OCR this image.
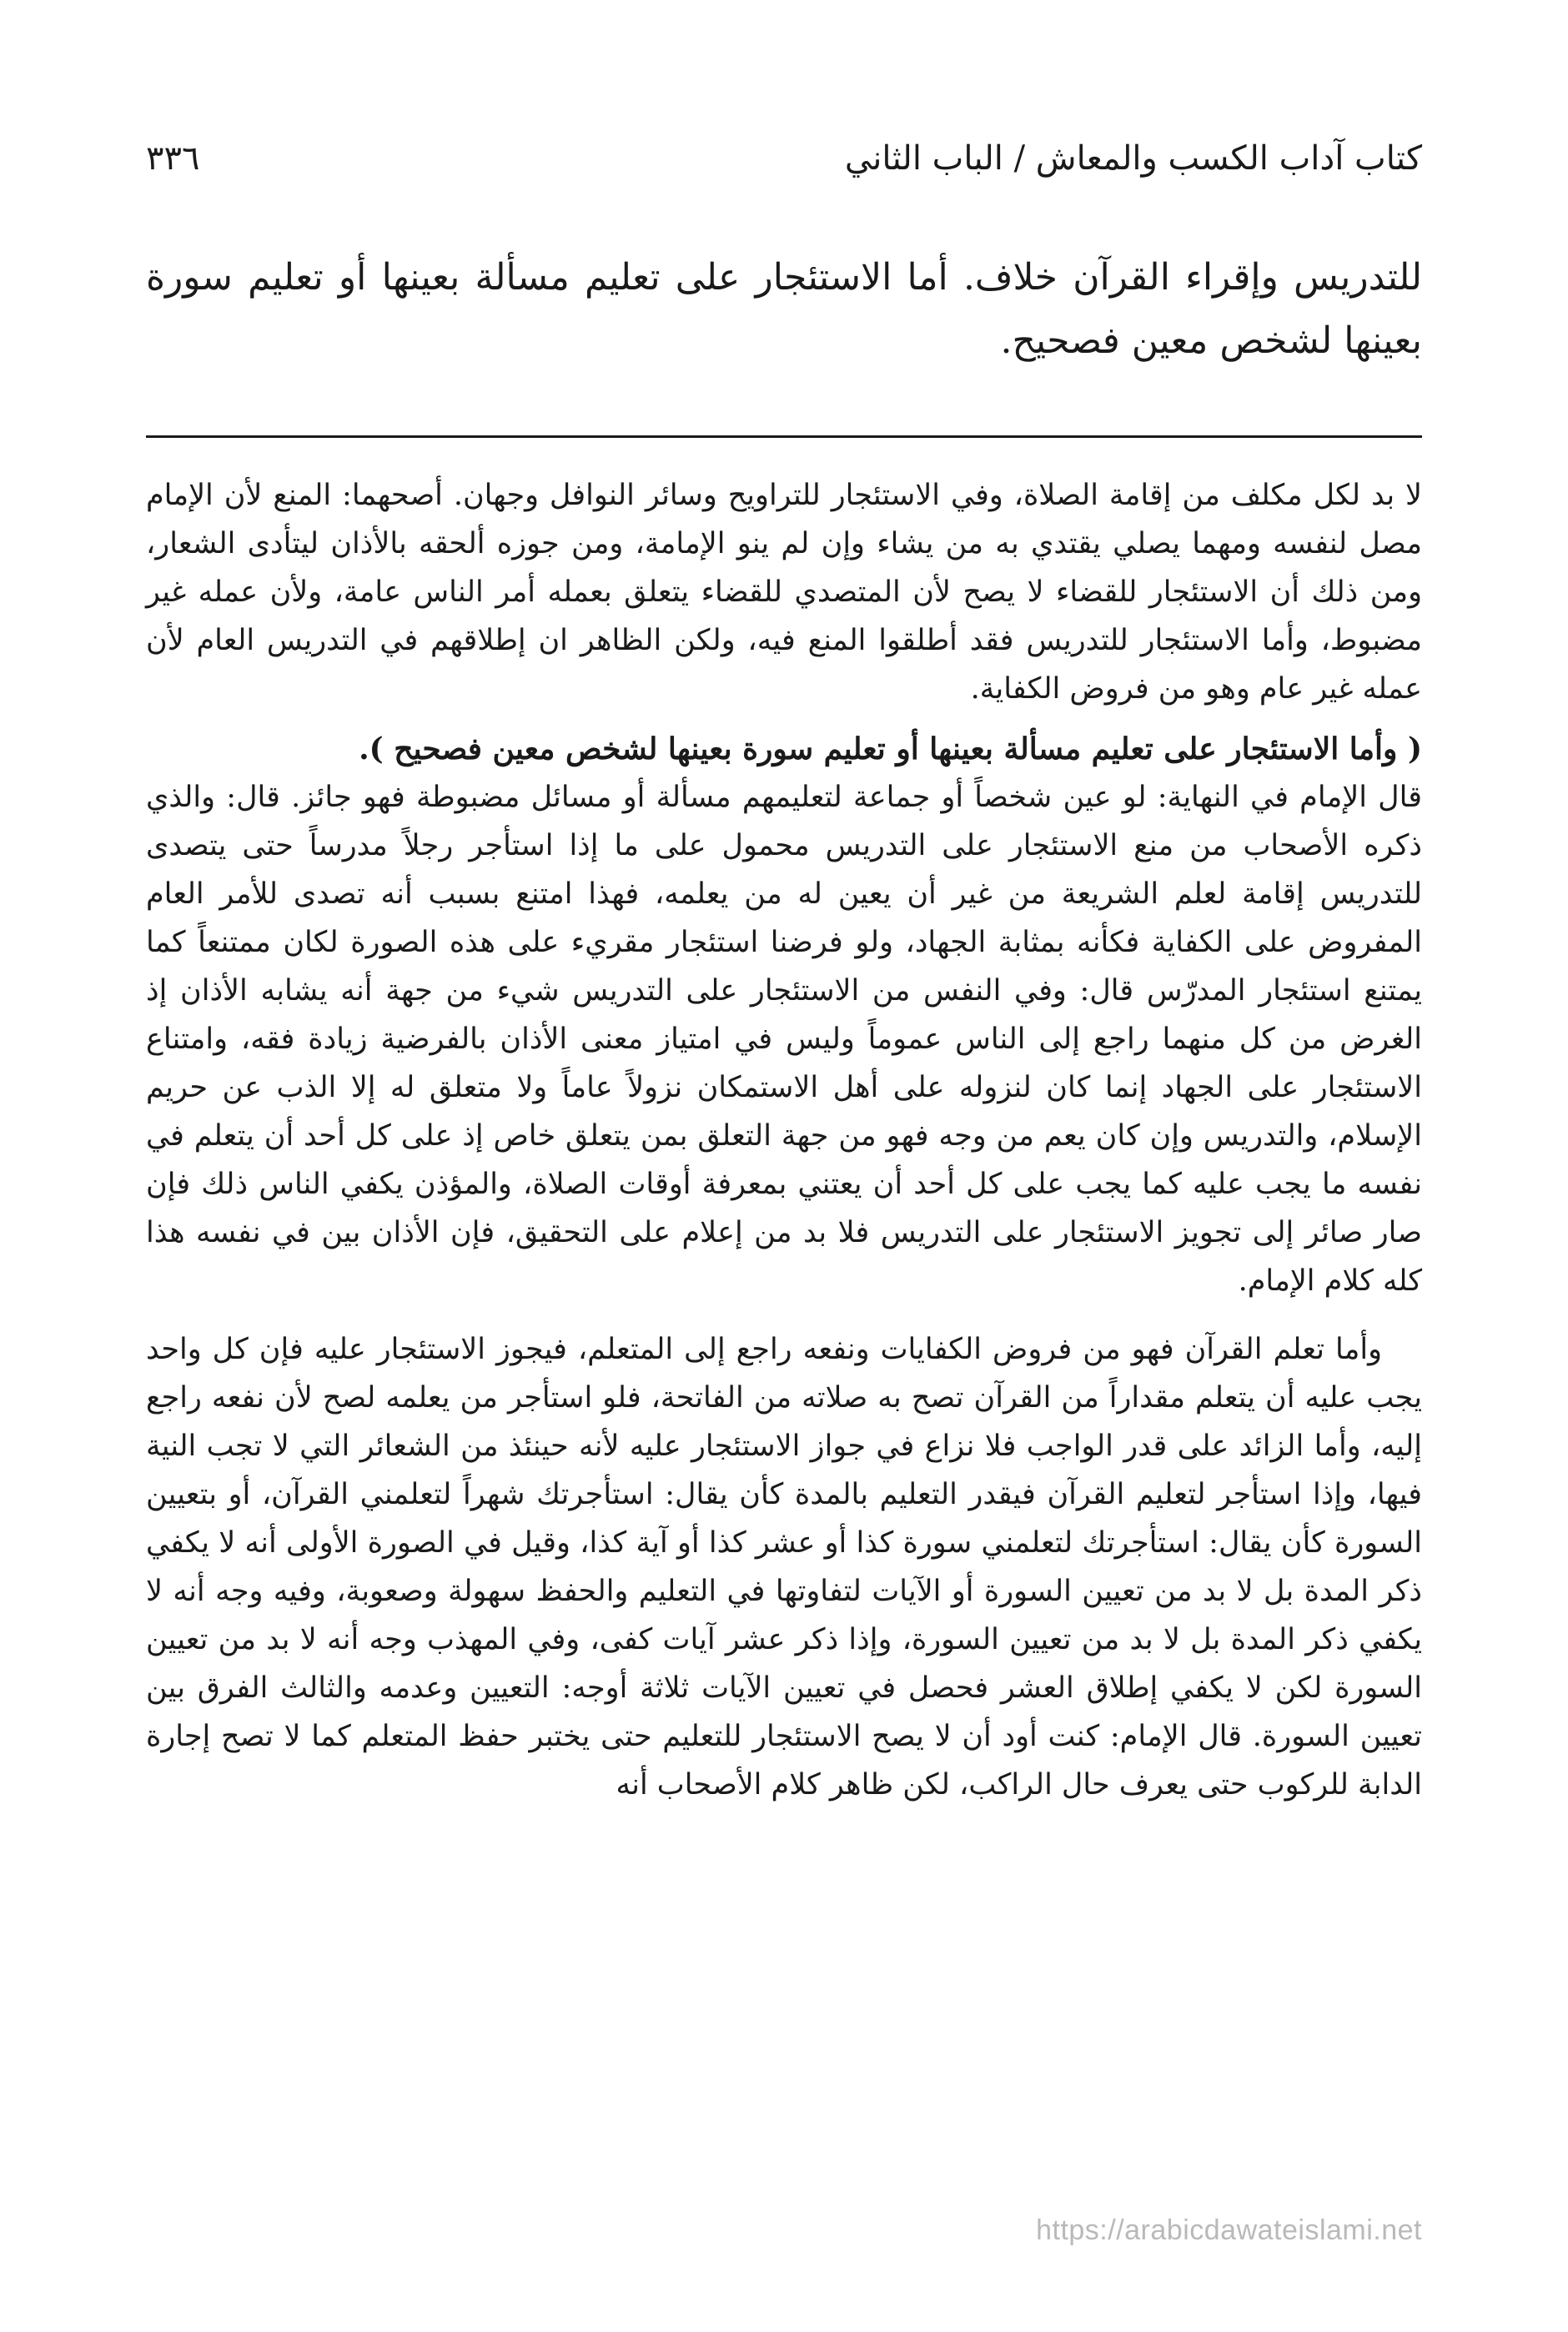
كتاب آداب الكسب والمعاش / الباب الثاني
٣٣٦
للتدريس وإقراء القرآن خلاف. أما الاستئجار على تعليم مسألة بعينها أو تعليم سورة بعينها لشخص معين فصحيح.

لا بد لكل مكلف من إقامة الصلاة، وفي الاستئجار للتراويح وسائر النوافل وجهان. أصحهما: المنع لأن الإمام مصل لنفسه ومهما يصلي يقتدي به من يشاء وإن لم ينو الإمامة، ومن جوزه ألحقه بالأذان ليتأدى الشعار، ومن ذلك أن الاستئجار للقضاء لا يصح لأن المتصدي للقضاء يتعلق بعمله أمر الناس عامة، ولأن عمله غير مضبوط، وأما الاستئجار للتدريس فقد أطلقوا المنع فيه، ولكن الظاهر ان إطلاقهم في التدريس العام لأن عمله غير عام وهو من فروض الكفاية.

( وأما الاستئجار على تعليم مسألة بعينها أو تعليم سورة بعينها لشخص معين فصحيح ).

قال الإمام في النهاية: لو عين شخصاً أو جماعة لتعليمهم مسألة أو مسائل مضبوطة فهو جائز. قال: والذي ذكره الأصحاب من منع الاستئجار على التدريس محمول على ما إذا استأجر رجلاً مدرساً حتى يتصدى للتدريس إقامة لعلم الشريعة من غير أن يعين له من يعلمه، فهذا امتنع بسبب أنه تصدى للأمر العام المفروض على الكفاية فكأنه بمثابة الجهاد، ولو فرضنا استئجار مقريء على هذه الصورة لكان ممتنعاً كما يمتنع استئجار المدرّس قال: وفي النفس من الاستئجار على التدريس شيء من جهة أنه يشابه الأذان إذ الغرض من كل منهما راجع إلى الناس عموماً وليس في امتياز معنى الأذان بالفرضية زيادة فقه، وامتناع الاستئجار على الجهاد إنما كان لنزوله على أهل الاستمكان نزولاً عاماً ولا متعلق له إلا الذب عن حريم الإسلام، والتدريس وإن كان يعم من وجه فهو من جهة التعلق بمن يتعلق خاص إذ على كل أحد أن يتعلم في نفسه ما يجب عليه كما يجب على كل أحد أن يعتني بمعرفة أوقات الصلاة، والمؤذن يكفي الناس ذلك فإن صار صائر إلى تجويز الاستئجار على التدريس فلا بد من إعلام على التحقيق، فإن الأذان بين في نفسه هذا كله كلام الإمام.

وأما تعلم القرآن فهو من فروض الكفايات ونفعه راجع إلى المتعلم، فيجوز الاستئجار عليه فإن كل واحد يجب عليه أن يتعلم مقداراً من القرآن تصح به صلاته من الفاتحة، فلو استأجر من يعلمه لصح لأن نفعه راجع إليه، وأما الزائد على قدر الواجب فلا نزاع في جواز الاستئجار عليه لأنه حينئذ من الشعائر التي لا تجب النية فيها، وإذا استأجر لتعليم القرآن فيقدر التعليم بالمدة كأن يقال: استأجرتك شهراً لتعلمني القرآن، أو بتعيين السورة كأن يقال: استأجرتك لتعلمني سورة كذا أو عشر كذا أو آية كذا، وقيل في الصورة الأولى أنه لا يكفي ذكر المدة بل لا بد من تعيين السورة أو الآيات لتفاوتها في التعليم والحفظ سهولة وصعوبة، وفيه وجه أنه لا يكفي ذكر المدة بل لا بد من تعيين السورة، وإذا ذكر عشر آيات كفى، وفي المهذب وجه أنه لا بد من تعيين السورة لكن لا يكفي إطلاق العشر فحصل في تعيين الآيات ثلاثة أوجه: التعيين وعدمه والثالث الفرق بين تعيين السورة. قال الإمام: كنت أود أن لا يصح الاستئجار للتعليم حتى يختبر حفظ المتعلم كما لا تصح إجارة الدابة للركوب حتى يعرف حال الراكب، لكن ظاهر كلام الأصحاب أنه

https://arabicdawateislami.net
